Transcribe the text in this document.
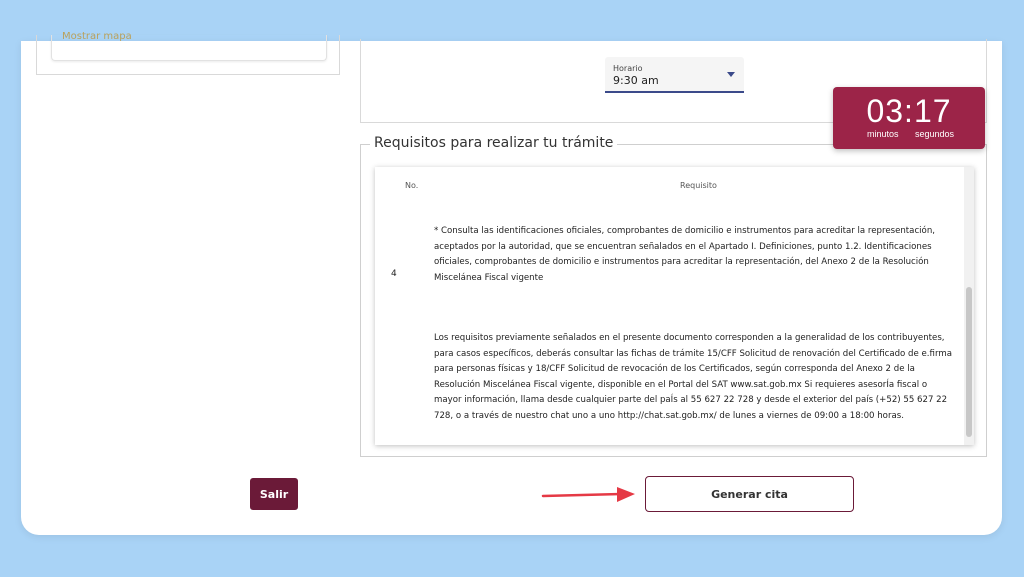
Mostrar mapa
Horario
9:30 am
Requisitos para realizar tu trámite
No.	Requisito
4

* Consulta las identificaciones oficiales, comprobantes de domicilio e instrumentos para acreditar la representación, aceptados por la autoridad, que se encuentran señalados en el Apartado I. Definiciones, punto 1.2. Identificaciones oficiales, comprobantes de domicilio e instrumentos para acreditar la representación, del Anexo 2 de la Resolución Miscelánea Fiscal vigente

Los requisitos previamente señalados en el presente documento corresponden a la generalidad de los contribuyentes, para casos específicos, deberás consultar las fichas de trámite 15/CFF Solicitud de renovación del Certificado de e.firma para personas físicas y 18/CFF Solicitud de revocación de los Certificados, según corresponda del Anexo 2 de la Resolución Miscelánea Fiscal vigente, disponible en el Portal del SAT www.sat.gob.mx Si requieres asesorÍa fiscal o mayor información, llama desde cualquier parte del paÍs al 55 627 22 728 y desde el exterior del país (+52) 55 627 22 728, o a través de nuestro chat uno a uno http://chat.sat.gob.mx/ de lunes a viernes de 09:00 a 18:00 horas.

Salir	Generar cita
03:17
minutos segundos
